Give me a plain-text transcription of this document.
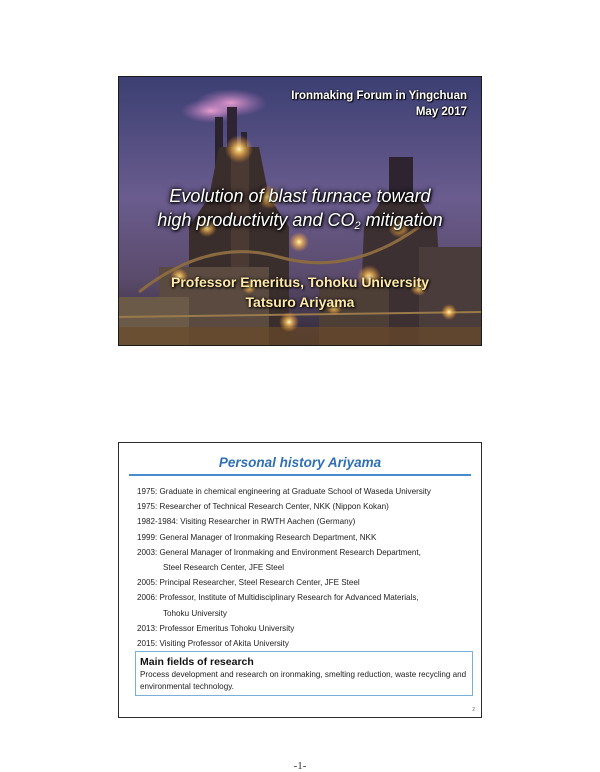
Ironmaking Forum in Yingchuan
May 2017
Evolution of blast furnace toward
high productivity and $CO_2$ mitigation
Professor Emeritus, Tohoku University
Tatsuro Ariyama
Personal history Ariyama
1975: Graduate in chemical engineering at Graduate School of Waseda University
1975: Researcher of Technical Research Center, NKK (Nippon Kokan)
1982-1984: Visiting Researcher in RWTH Aachen (Germany)
1999: General Manager of Ironmaking Research Department, NKK
2003: General Manager of Ironmaking and Environment Research Department,
Steel Research Center, JFE Steel
2005: Principal Researcher, Steel Research Center, JFE Steel
2006: Professor, Institute of Multidisciplinary Research for Advanced Materials,
Tohoku University
2013: Professor Emeritus Tohoku University
2015: Visiting Professor of Akita University
Main fields of research
Process development and research on ironmaking, smelting reduction, waste recycling and environmental technology.
2
-1-
